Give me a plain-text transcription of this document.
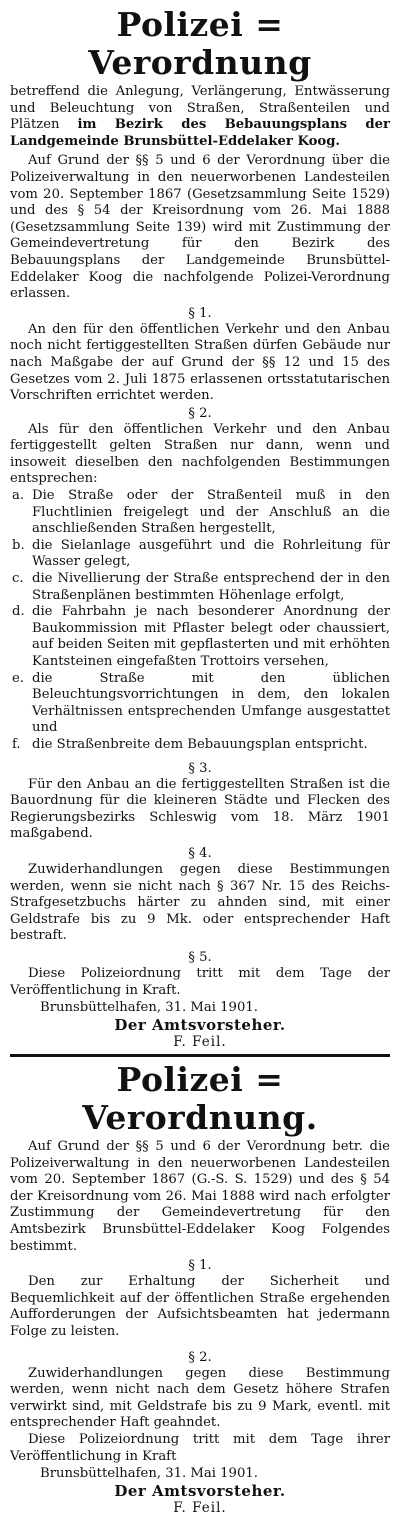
Polizei = Verordnung

betreffend die Anlegung, Verlängerung, Entwässerung und Beleuchtung von Straßen, Straßenteilen und Plätzen im Bezirk des Bebauungsplans der Landgemeinde Brunsbüttel-Eddelaker Koog.

Auf Grund der §§ 5 und 6 der Verordnung über die Polizeiverwaltung in den neuerworbenen Landesteilen vom 20. September 1867 (Gesetzsammlung Seite 1529) und des § 54 der Kreisordnung vom 26. Mai 1888 (Gesetzsammlung Seite 139) wird mit Zustimmung der Gemeindevertretung für den Bezirk des Bebauungsplans der Landgemeinde Brunsbüttel-Eddelaker Koog die nachfolgende Polizei-Verordnung erlassen.

§ 1.

An den für den öffentlichen Verkehr und den Anbau noch nicht fertiggestellten Straßen dürfen Gebäude nur nach Maßgabe der auf Grund der §§ 12 und 15 des Gesetzes vom 2. Juli 1875 erlassenen ortsstatutarischen Vorschriften errichtet werden.

§ 2.

Als für den öffentlichen Verkehr und den Anbau fertiggestellt gelten Straßen nur dann, wenn und insoweit dieselben den nachfolgenden Bestimmungen entsprechen:

a. Die Straße oder der Straßenteil muß in den Fluchtlinien freigelegt und der Anschluß an die anschließenden Straßen hergestellt,
b. die Sielanlage ausgeführt und die Rohrleitung für Wasser gelegt,
c. die Nivellierung der Straße entsprechend der in den Straßenplänen bestimmten Höhenlage erfolgt,
d. die Fahrbahn je nach besonderer Anordnung der Baukommission mit Pflaster belegt oder chaussiert, auf beiden Seiten mit gepflasterten und mit erhöhten Kantsteinen eingefaßten Trottoirs versehen,
e. die Straße mit den üblichen Beleuchtungsvorrichtungen in dem, den lokalen Verhältnissen entsprechenden Umfange ausgestattet und
f. die Straßenbreite dem Bebauungsplan entspricht.
§ 3.

Für den Anbau an die fertiggestellten Straßen ist die Bauordnung für die kleineren Städte und Flecken des Regierungsbezirks Schleswig vom 18. März 1901 maßgabend.

§ 4.

Zuwiderhandlungen gegen diese Bestimmungen werden, wenn sie nicht nach § 367 Nr. 15 des Reichs-Strafgesetzbuchs härter zu ahnden sind, mit einer Geldstrafe bis zu 9 Mk. oder entsprechender Haft bestraft.

§ 5.

Diese Polizeiordnung tritt mit dem Tage der Veröffentlichung in Kraft.

Brunsbüttelhafen, 31. Mai 1901.
Der Amtsvorsteher.
F. Feil.
Polizei = Verordnung.

Auf Grund der §§ 5 und 6 der Verordnung betr. die Polizeiverwaltung in den neuerworbenen Landesteilen vom 20. September 1867 (G.-S. S. 1529) und des § 54 der Kreisordnung vom 26. Mai 1888 wird nach erfolgter Zustimmung der Gemeindevertretung für den Amtsbezirk Brunsbüttel-Eddelaker Koog Folgendes bestimmt.

§ 1.

Den zur Erhaltung der Sicherheit und Bequemlichkeit auf der öffentlichen Straße ergehenden Aufforderungen der Aufsichtsbeamten hat jedermann Folge zu leisten.

§ 2.

Zuwiderhandlungen gegen diese Bestimmung werden, wenn nicht nach dem Gesetz höhere Strafen verwirkt sind, mit Geldstrafe bis zu 9 Mark, eventl. mit entsprechender Haft geahndet.

Diese Polizeiordnung tritt mit dem Tage ihrer Veröffentlichung in Kraft

Brunsbüttelhafen, 31. Mai 1901.
Der Amtsvorsteher.
F. Feil.
